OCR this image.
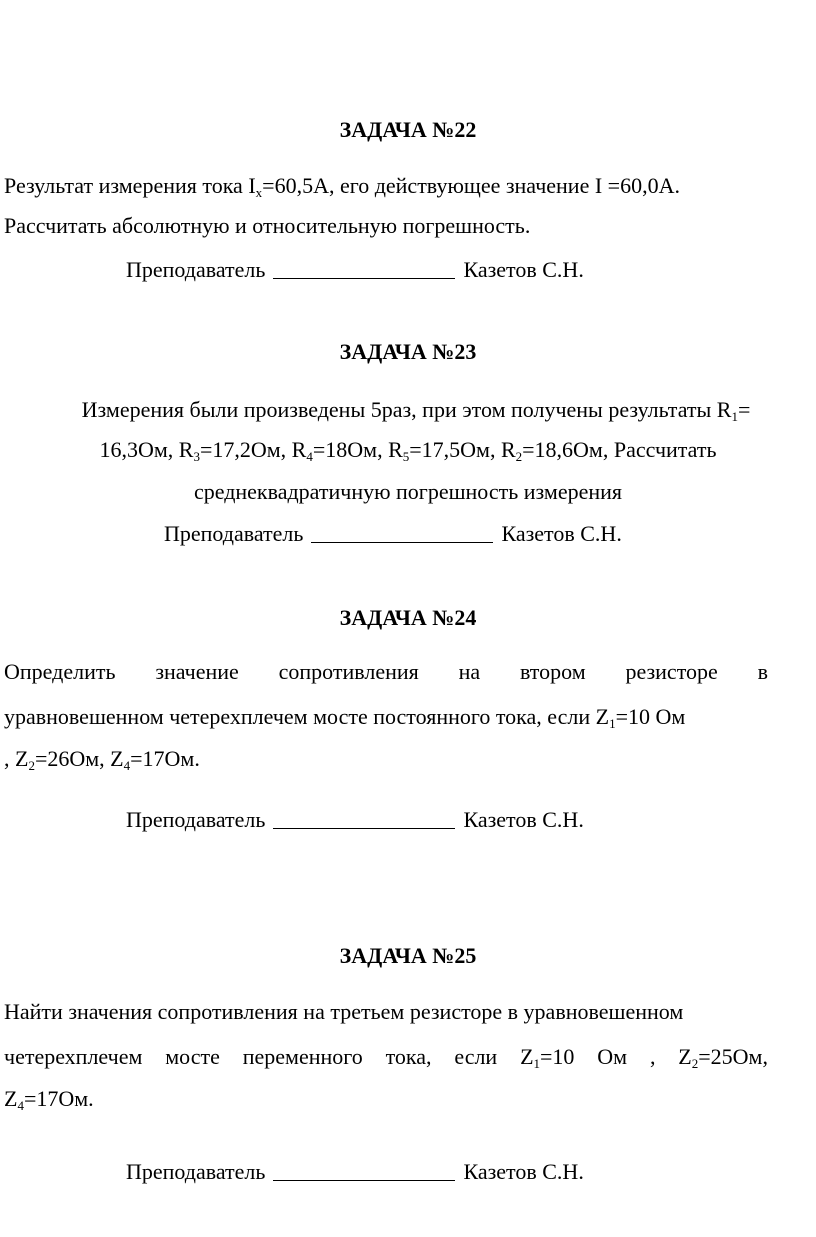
ЗАДАЧА №22
Результат измерения тока $I_x=60,5А$, его действующее значение I =60,0А.
Рассчитать абсолютную и относительную погрешность.
Преподаватель	Казетов С.Н.
ЗАДАЧА №23
Измерения были произведены 5раз, при этом получены результаты $R_1=$
16,3Ом, $R_3=17,2Ом$, $R_4=18Ом$, $R_5=17,5Ом$, $R_2=18,6Ом$, Рассчитать
среднеквадратичную погрешность измерения
Преподаватель	Казетов С.Н.
ЗАДАЧА №24
Определить значение сопротивления на втором резисторе в
уравновешенном четерехплечем мосте постоянного тока, если $Z_1=10$ Ом
, $Z_2=26Ом$, $Z_4=17Ом$.
Преподаватель	Казетов С.Н.
ЗАДАЧА №25
Найти значения сопротивления на третьем резисторе в уравновешенном
четерехплечем мосте переменного тока, если $Z_1=10$ Ом , $Z_2=25Ом$,
$Z_4=17Ом$.
Преподаватель	Казетов С.Н.
